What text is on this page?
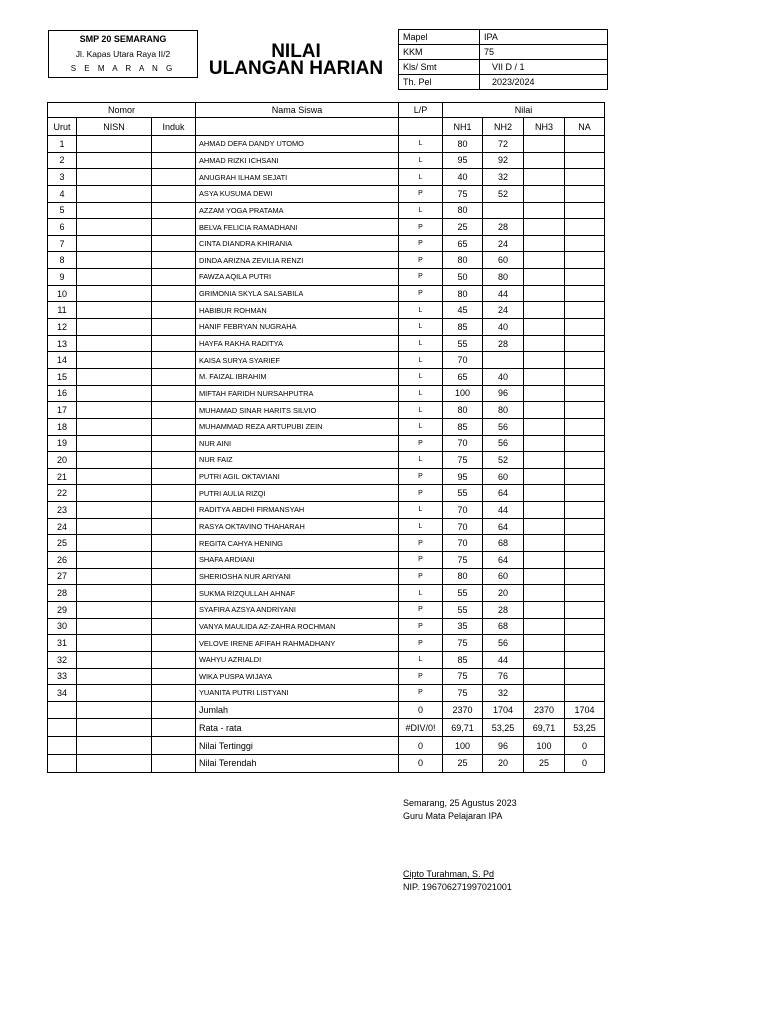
SMP 20 SEMARANG
Jl. Kapas Utara Raya II/2
S E M A R A N G
NILAI
ULANGAN HARIAN
Mapel	IPA
KKM	75
Kls/ Smt	VII D / 1
Th. Pel	2023/2024
Nomor			Nama Siswa	L/P	Nilai			
Urut	NISN	Induk						
					NH1	NH2	NH3	NA
1			AHMAD DEFA DANDY UTOMO	L	80	72		
2			AHMAD RIZKI ICHSANI	L	95	92		
3			ANUGRAH ILHAM SEJATI	L	40	32		
4			ASYA KUSUMA DEWI	P	75	52		
5			AZZAM YOGA PRATAMA	L	80			
6			BELVA FELICIA RAMADHANI	P	25	28		
7			CINTA DIANDRA KHIRANIA	P	65	24		
8			DINDA ARIZNA ZEVILIA RENZI	P	80	60		
9			FAWZA AQILA PUTRI	P	50	80		
10			GRIMONIA SKYLA SALSABILA	P	80	44		
11			HABIBUR ROHMAN	L	45	24		
12			HANIF FEBRYAN NUGRAHA	L	85	40		
13			HAYFA RAKHA RADITYA	L	55	28		
14			KAISA SURYA SYARIEF	L	70			
15			M. FAIZAL IBRAHIM	L	65	40		
16			MIFTAH FARIDH NURSAHPUTRA	L	100	96		
17			MUHAMAD SINAR HARITS SILVIO	L	80	80		
18			MUHAMMAD REZA ARTUPUBI ZEIN	L	85	56		
19			NUR AINI	P	70	56		
20			NUR FAIZ	L	75	52		
21			PUTRI AGIL OKTAVIANI	P	95	60		
22			PUTRI AULIA RIZQI	P	55	64		
23			RADITYA ABDHI FIRMANSYAH	L	70	44		
24			RASYA OKTAVINO THAHARAH	L	70	64		
25			REGITA CAHYA HENING	P	70	68		
26			SHAFA ARDIANI	P	75	64		
27			SHERIOSHA NUR ARIYANI	P	80	60		
28			SUKMA RIZQULLAH AHNAF	L	55	20		
29			SYAFIRA AZSYA ANDRIYANI	P	55	28		
30			VANYA MAULIDA AZ-ZAHRA ROCHMAN	P	35	68		
31			VELOVE IRENE AFIFAH RAHMADHANY	P	75	56		
32			WAHYU AZRIALDI	L	85	44		
33			WIKA PUSPA WIJAYA	P	75	76		
34			YUANITA PUTRI LISTYANI	P	75	32		
			Jumlah	0	2370	1704	2370	1704
			Rata - rata	#DIV/0!	69,71	53,25	69,71	53,25
			Nilai Tertinggi	0	100	96	100	0
			Nilai Terendah	0	25	20	25	0
Semarang, 25 Agustus 2023
Guru Mata Pelajaran IPA
Cipto Turahman, S. Pd
NIP. 196706271997021001
